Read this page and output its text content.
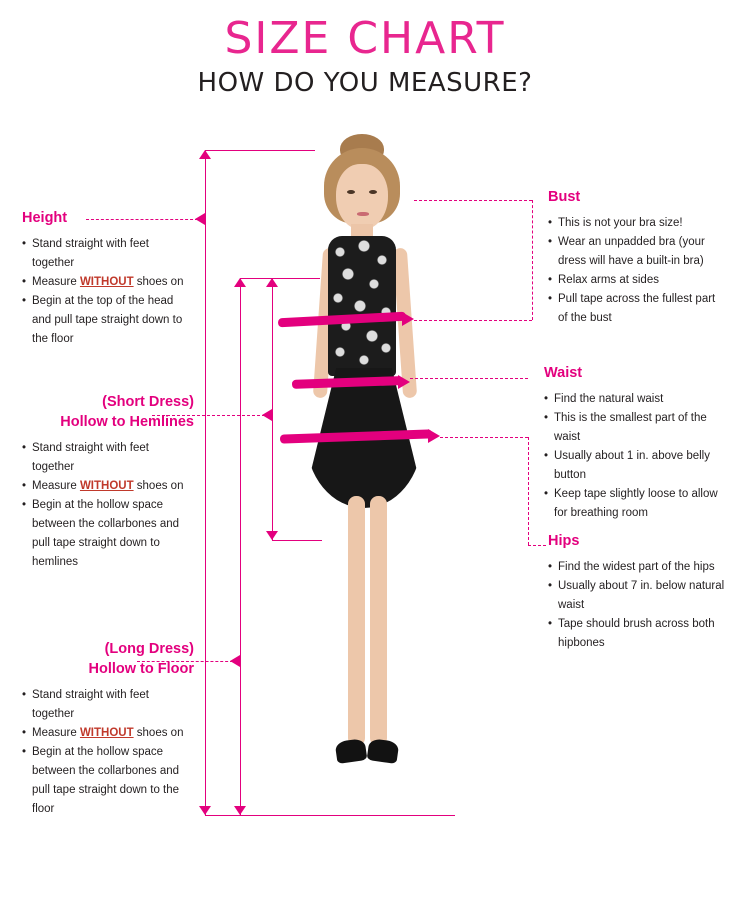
SIZE CHART
HOW DO YOU MEASURE?
Height
• Stand straight with feet together
• Measure WITHOUT shoes on
• Begin at the top of the head and pull tape straight down to the floor
(Short Dress)
Hollow to Hemlines
• Stand straight with feet together
• Measure WITHOUT shoes on
• Begin at the hollow space between the collarbones and pull tape straight down to hemlines
(Long Dress)
Hollow to Floor
• Stand straight with feet together
• Measure WITHOUT shoes on
• Begin at the hollow space between the collarbones and pull tape straight down to the floor
Bust
• This is not your bra size!
• Wear an unpadded bra (your dress will have a built-in bra)
• Relax arms at sides
• Pull tape across the fullest part of the bust
Waist
• Find the natural waist
• This is the smallest part of the waist
• Usually about 1 in. above belly button
• Keep tape slightly loose to allow for breathing room
Hips
• Find the widest part of the hips
• Usually about 7 in. below natural waist
• Tape should brush across both hipbones
